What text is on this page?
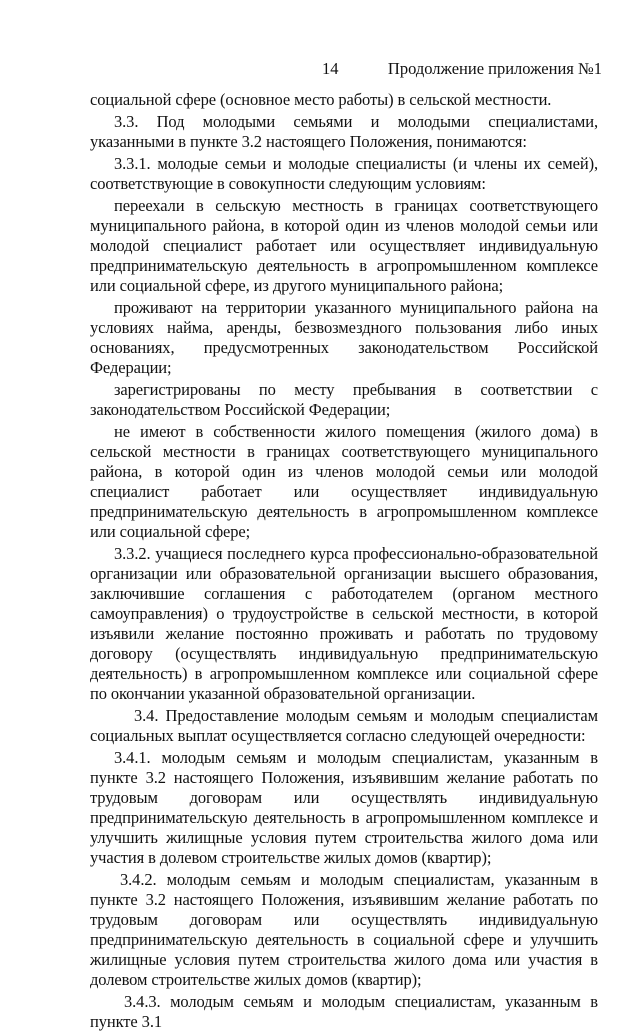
14	Продолжение приложения №1

социальной сфере (основное место работы) в сельской местности.

3.3. Под молодыми семьями и молодыми специалистами, указанными в пункте 3.2 настоящего Положения, понимаются:

3.3.1. молодые семьи и молодые специалисты (и члены их семей), соответствующие в совокупности следующим условиям:

переехали в сельскую местность в границах соответствующего муниципального района, в которой один из членов молодой семьи или молодой специалист работает или осуществляет индивидуальную предпринимательскую деятельность в агропромышленном комплексе или социальной сфере, из другого муниципального района;

проживают на территории указанного муниципального района на условиях найма, аренды, безвозмездного пользования либо иных основаниях, предусмотренных законодательством Российской Федерации;

зарегистрированы по месту пребывания в соответствии с законодательством Российской Федерации;

не имеют в собственности жилого помещения (жилого дома) в сельской местности в границах соответствующего муниципального района, в которой один из членов молодой семьи или молодой специалист работает или осуществляет индивидуальную предпринимательскую деятельность в агропромышленном комплексе или социальной сфере;

3.3.2. учащиеся последнего курса профессионально-образовательной организации или образовательной организации высшего образования, заключившие соглашения с работодателем (органом местного самоуправления) о трудоустройстве в сельской местности, в которой изъявили желание постоянно проживать и работать по трудовому договору (осуществлять индивидуальную предпринимательскую деятельность) в агропромышленном комплексе или социальной сфере по окончании указанной образовательной организации.

3.4. Предоставление молодым семьям и молодым специалистам социальных выплат осуществляется согласно следующей очередности:

3.4.1. молодым семьям и молодым специалистам, указанным в пункте 3.2 настоящего Положения, изъявившим желание работать по трудовым договорам или осуществлять индивидуальную предпринимательскую деятельность в агропромышленном комплексе и улучшить жилищные условия путем строительства жилого дома или участия в долевом строительстве жилых домов (квартир);

3.4.2. молодым семьям и молодым специалистам, указанным в пункте 3.2 настоящего Положения, изъявившим желание работать по трудовым договорам или осуществлять индивидуальную предпринимательскую деятельность в социальной сфере и улучшить жилищные условия путем строительства жилого дома или участия в долевом строительстве жилых домов (квартир);

3.4.3. молодым семьям и молодым специалистам, указанным в пункте 3.1
